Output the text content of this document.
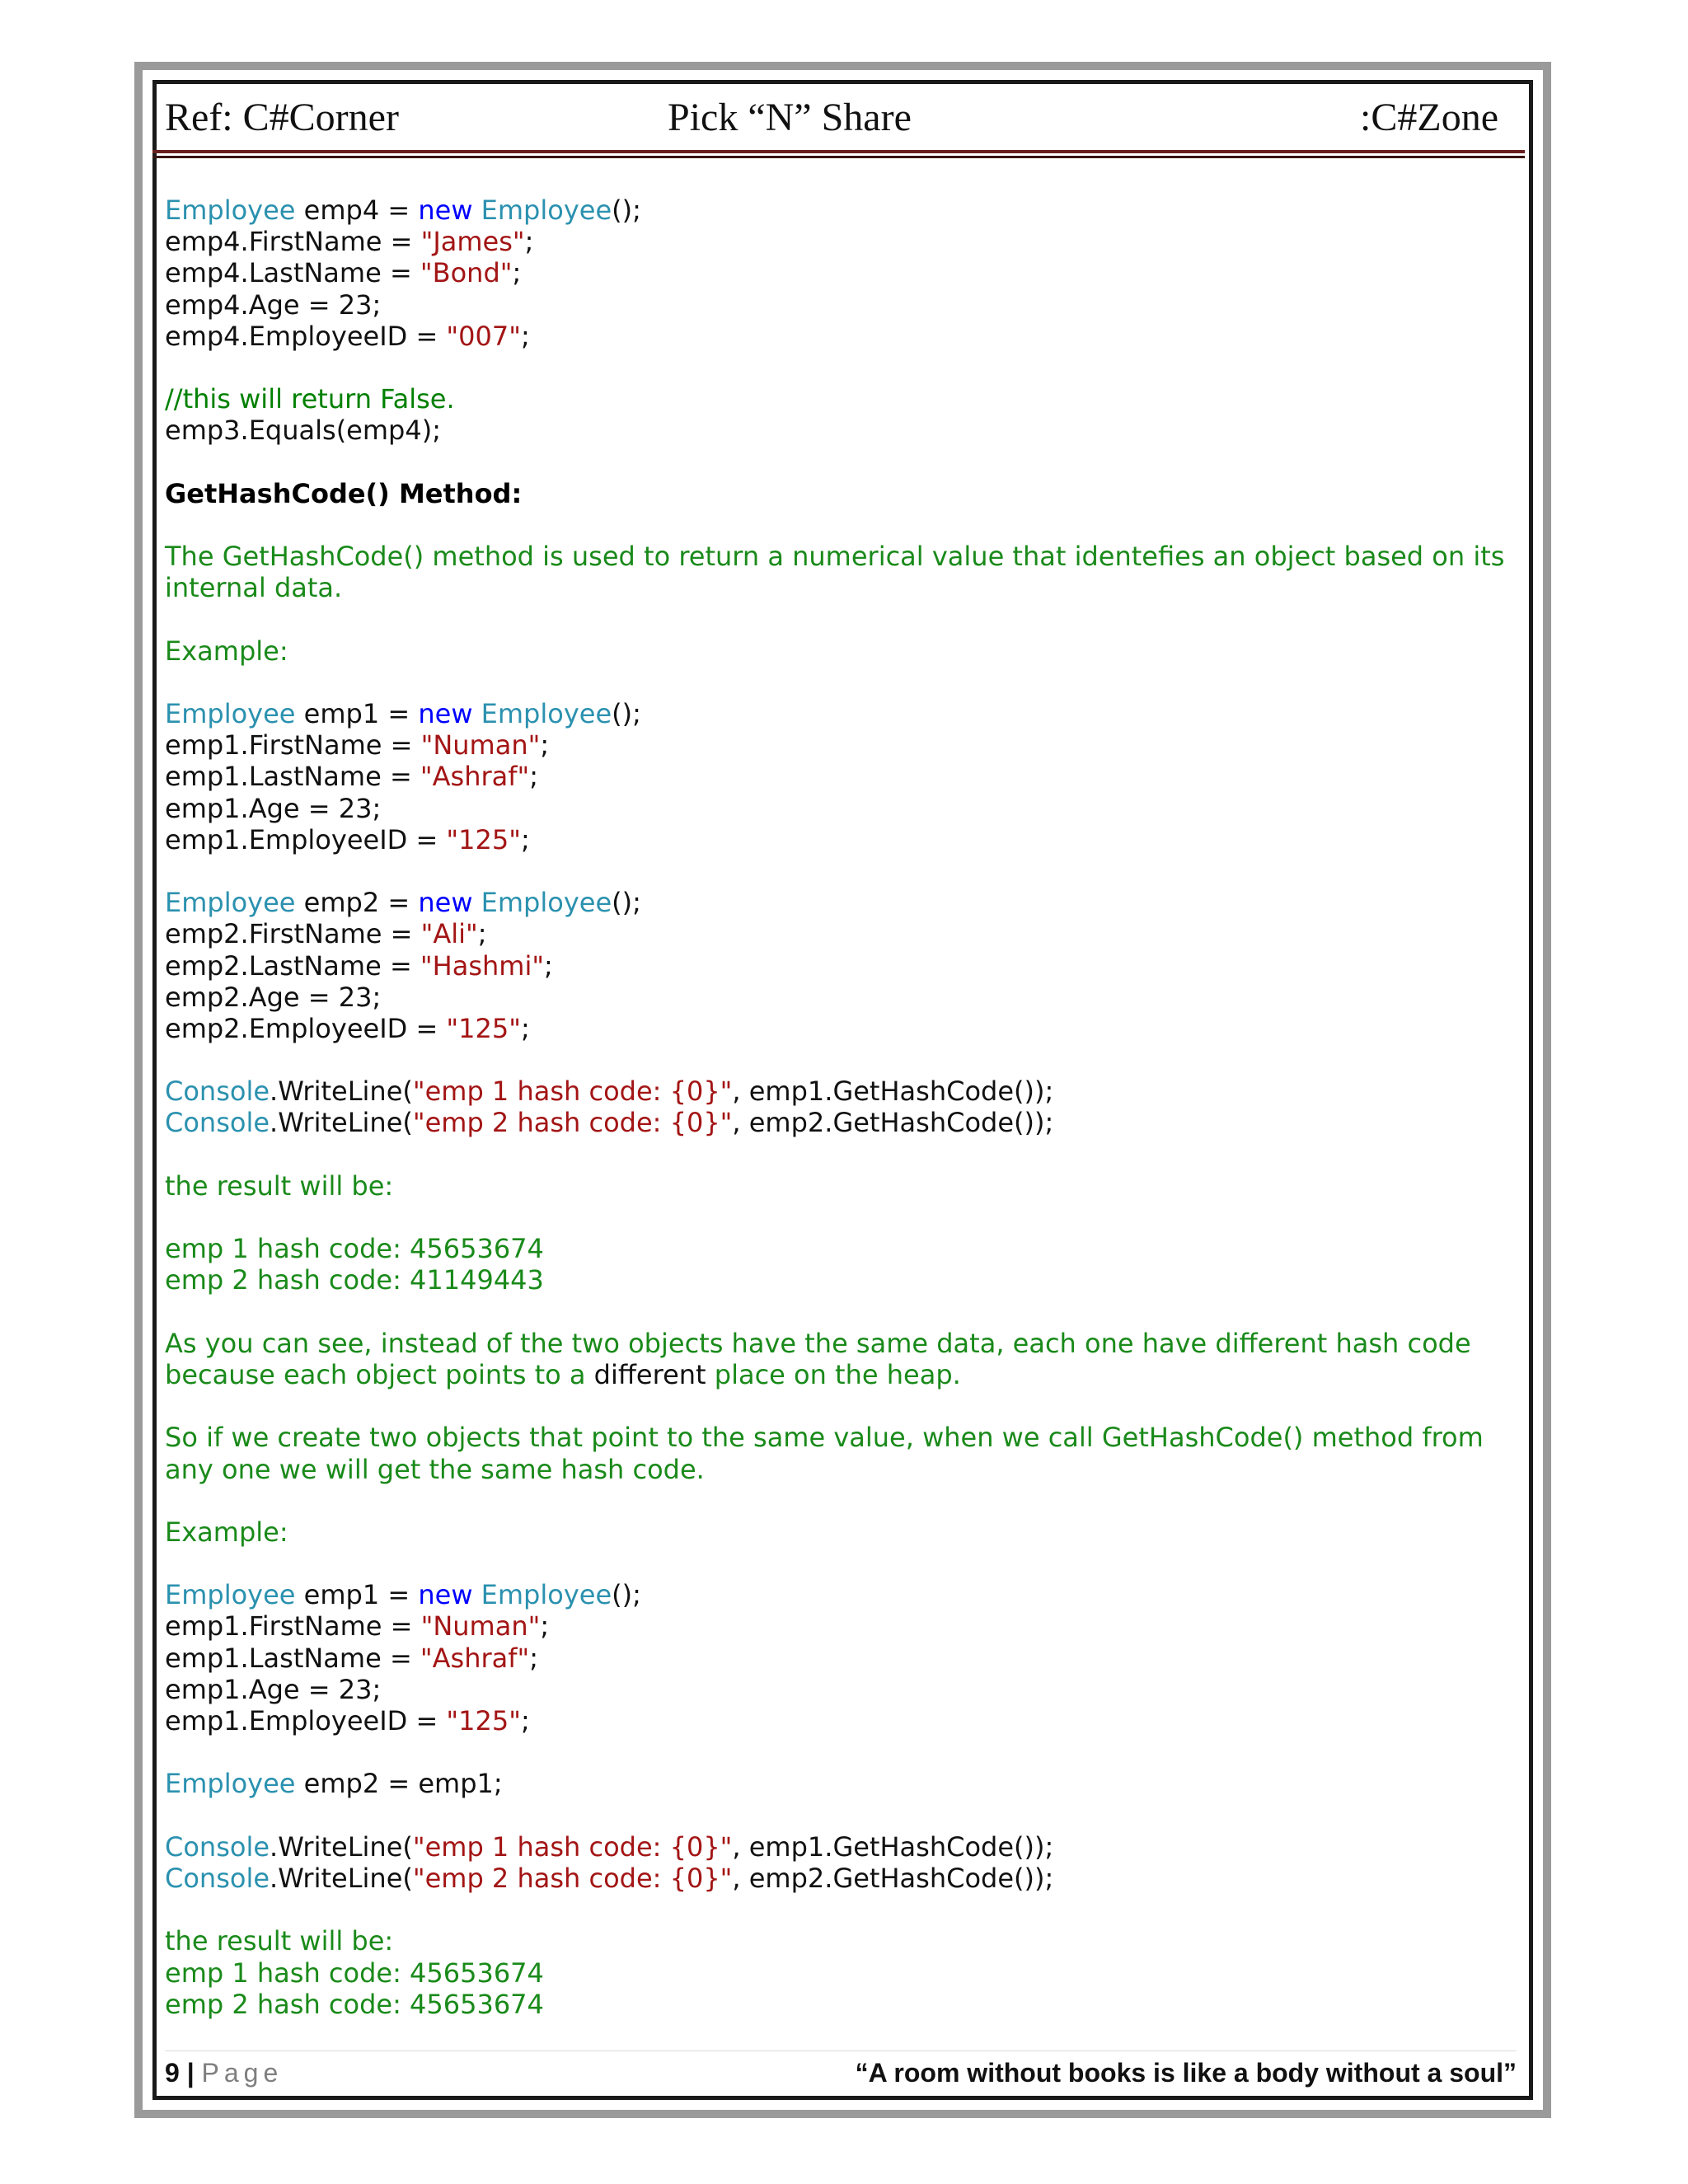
Ref: C#Corner	Pick “N” Share	:C#Zone
Employee emp4 = new Employee();
emp4.FirstName = "James";
emp4.LastName = "Bond";
emp4.Age = 23;
emp4.EmployeeID = "007";
//this will return False.
emp3.Equals(emp4);
GetHashCode() Method:
The GetHashCode() method is used to return a numerical value that identefies an object based on its
internal data.
Example:
Employee emp1 = new Employee();
emp1.FirstName = "Numan";
emp1.LastName = "Ashraf";
emp1.Age = 23;
emp1.EmployeeID = "125";
Employee emp2 = new Employee();
emp2.FirstName = "Ali";
emp2.LastName = "Hashmi";
emp2.Age = 23;
emp2.EmployeeID = "125";
Console.WriteLine("emp 1 hash code: {0}", emp1.GetHashCode());
Console.WriteLine("emp 2 hash code: {0}", emp2.GetHashCode());
the result will be:
emp 1 hash code: 45653674
emp 2 hash code: 41149443
As you can see, instead of the two objects have the same data, each one have different hash code
because each object points to a different place on the heap.
So if we create two objects that point to the same value, when we call GetHashCode() method from
any one we will get the same hash code.
Example:
Employee emp1 = new Employee();
emp1.FirstName = "Numan";
emp1.LastName = "Ashraf";
emp1.Age = 23;
emp1.EmployeeID = "125";
Employee emp2 = emp1;
Console.WriteLine("emp 1 hash code: {0}", emp1.GetHashCode());
Console.WriteLine("emp 2 hash code: {0}", emp2.GetHashCode());
the result will be:
emp 1 hash code: 45653674
emp 2 hash code: 45653674
9 | Page	“A room without books is like a body without a soul”
